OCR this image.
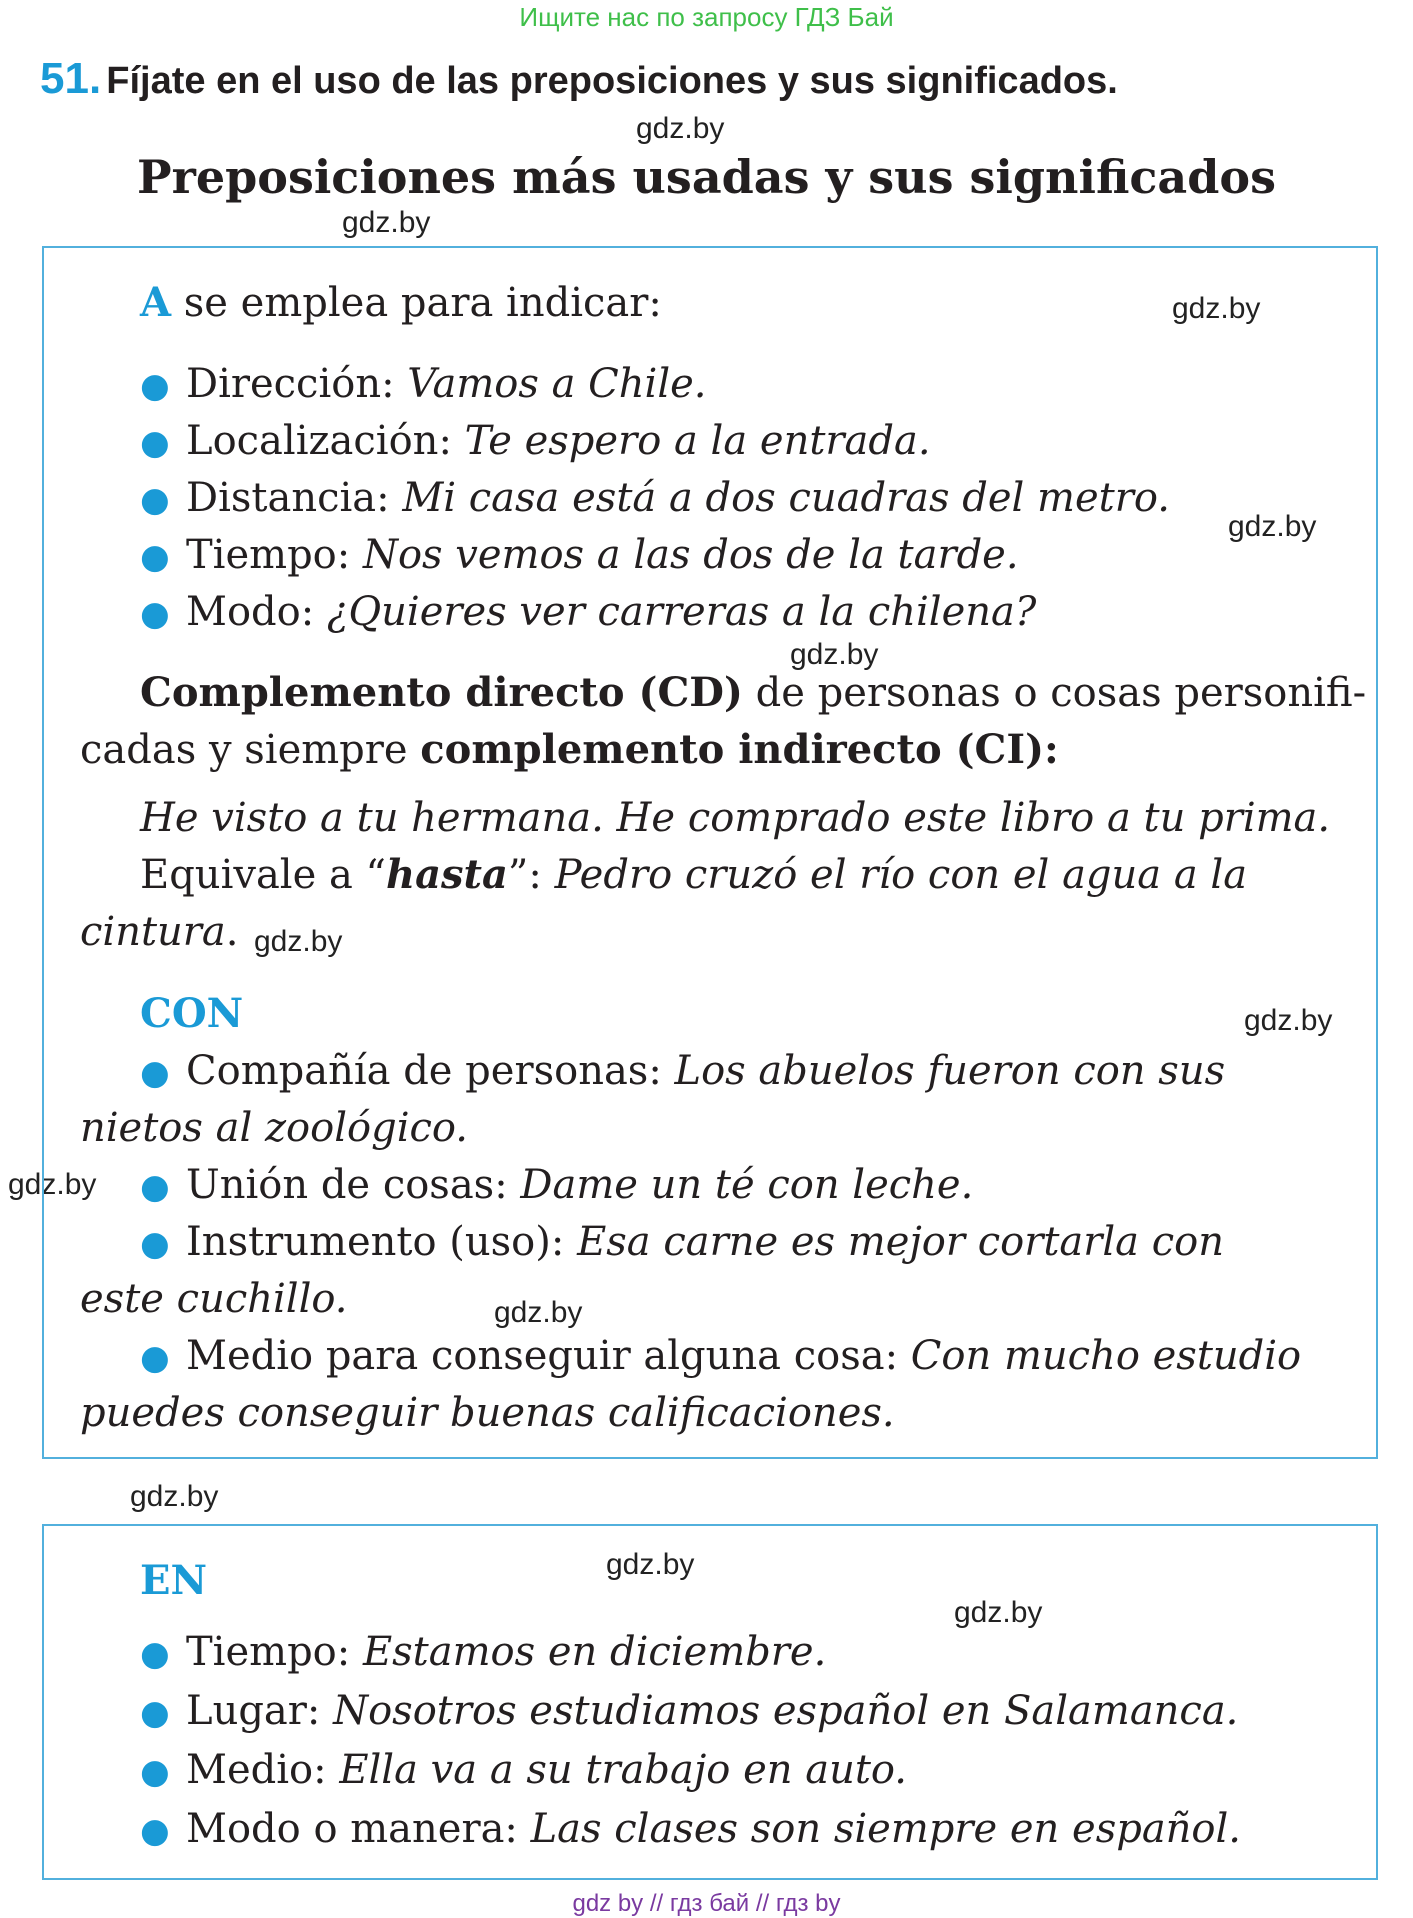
Ищите нас по запросу ГДЗ Бай
51. Fíjate en el uso de las preposiciones y sus significados.
Preposiciones más usadas y sus significados
gdz.by
gdz.by
gdz.by
gdz.by
gdz.by
gdz.by
gdz.by
gdz.by
gdz.by
gdz.by
gdz.by
A se emplea para indicar:
● Dirección: Vamos a Chile.
● Localización: Te espero a la entrada.
● Distancia: Mi casa está a dos cuadras del metro.
● Tiempo: Nos vemos a las dos de la tarde.
● Modo: ¿Quieres ver carreras a la chilena?
Complemento directo (CD) de personas o cosas personifi-
cadas y siempre complemento indirecto (CI):
He visto a tu hermana. He comprado este libro a tu prima.
Equivale a “hasta”: Pedro cruzó el río con el agua a la
cintura. gdz.by
CON
● Compañía de personas: Los abuelos fueron con sus
nietos al zoológico.
● Unión de cosas: Dame un té con leche.
● Instrumento (uso): Esa carne es mejor cortarla con
este cuchillo.
● Medio para conseguir alguna cosa: Con mucho estudio
puedes conseguir buenas calificaciones.
EN
● Tiempo: Estamos en diciembre.
● Lugar: Nosotros estudiamos español en Salamanca.
● Medio: Ella va a su trabajo en auto.
● Modo o manera: Las clases son siempre en español.
gdz by // гдз бай // гдз by
